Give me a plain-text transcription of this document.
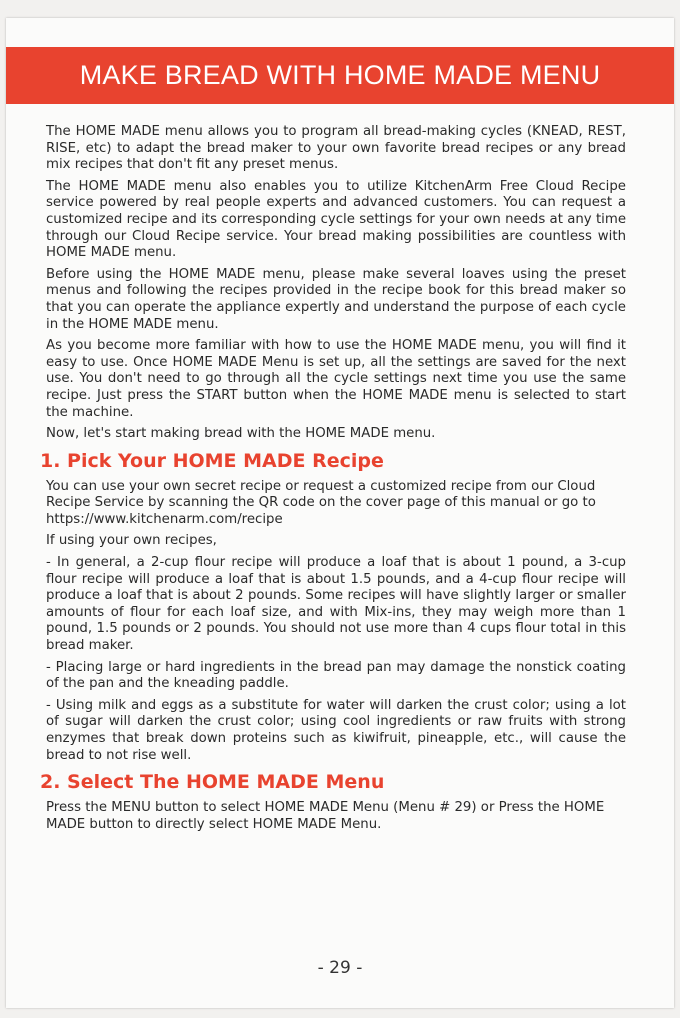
MAKE BREAD WITH HOME MADE MENU

The HOME MADE menu allows you to program all bread-making cycles (KNEAD, REST, RISE, etc) to adapt the bread maker to your own favorite bread recipes or any bread mix recipes that don't fit any preset menus.

The HOME MADE menu also enables you to utilize KitchenArm Free Cloud Recipe service powered by real people experts and advanced customers. You can request a customized recipe and its corresponding cycle settings for your own needs at any time through our Cloud Recipe service. Your bread making possibilities are countless with HOME MADE menu.

Before using the HOME MADE menu, please make several loaves using the preset menus and following the recipes provided in the recipe book for this bread maker so that you can operate the appliance expertly and understand the purpose of each cycle in the HOME MADE menu.

As you become more familiar with how to use the HOME MADE menu, you will find it easy to use. Once HOME MADE Menu is set up, all the settings are saved for the next use. You don't need to go through all the cycle settings next time you use the same recipe. Just press the START button when the HOME MADE menu is selected to start the machine.

Now, let's start making bread with the HOME MADE menu.

1. Pick Your HOME MADE Recipe

You can use your own secret recipe or request a customized recipe from our Cloud Recipe Service by scanning the QR code on the cover page of this manual or go to https://www.kitchenarm.com/recipe

If using your own recipes,

- In general, a 2-cup flour recipe will produce a loaf that is about 1 pound, a 3-cup flour recipe will produce a loaf that is about 1.5 pounds, and a 4-cup flour recipe will produce a loaf that is about 2 pounds. Some recipes will have slightly larger or smaller amounts of flour for each loaf size, and with Mix-ins, they may weigh more than 1 pound, 1.5 pounds or 2 pounds. You should not use more than 4 cups flour total in this bread maker.

- Placing large or hard ingredients in the bread pan may damage the nonstick coating of the pan and the kneading paddle.

- Using milk and eggs as a substitute for water will darken the crust color; using a lot of sugar will darken the crust color; using cool ingredients or raw fruits with strong enzymes that break down proteins such as kiwifruit, pineapple, etc., will cause the bread to not rise well.

2. Select The HOME MADE Menu

Press the MENU button to select HOME MADE Menu (Menu # 29) or Press the HOME MADE button to directly select HOME MADE Menu.

- 29 -
